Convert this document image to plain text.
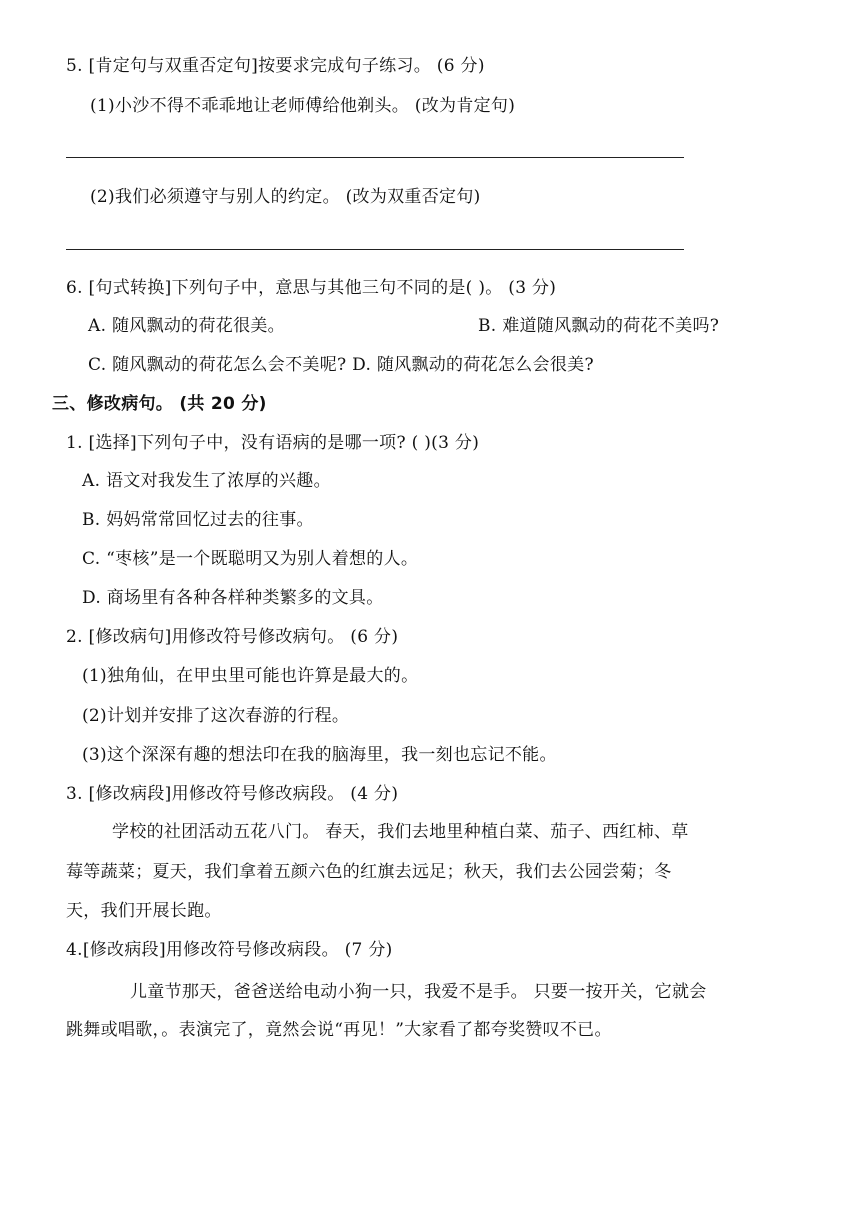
5. [肯定句与双重否定句]按要求完成句子练习。 (6 分)
(1)小沙不得不乖乖地让老师傅给他剃头。 (改为肯定句)
(2)我们必须遵守与别人的约定。 (改为双重否定句)
6. [句式转换]下列句子中，意思与其他三句不同的是( )。 (3 分)
A. 随风飘动的荷花很美。	B. 难道随风飘动的荷花不美吗?
C. 随风飘动的荷花怎么会不美呢? D. 随风飘动的荷花怎么会很美?
三、修改病句。 (共 20 分)
1. [选择]下列句子中，没有语病的是哪一项? ( )(3 分)
A. 语文对我发生了浓厚的兴趣。
B. 妈妈常常回忆过去的往事。
C. “枣核”是一个既聪明又为别人着想的人。
D. 商场里有各种各样种类繁多的文具。
2. [修改病句]用修改符号修改病句。 (6 分)
(1)独角仙，在甲虫里可能也许算是最大的。
(2)计划并安排了这次春游的行程。
(3)这个深深有趣的想法印在我的脑海里，我一刻也忘记不能。
3. [修改病段]用修改符号修改病段。 (4 分)
学校的社团活动五花八门。 春天，我们去地里种植白菜、茄子、西红柿、草
莓等蔬菜；夏天，我们拿着五颜六色的红旗去远足；秋天，我们去公园尝菊；冬
天，我们开展长跑。
4.[修改病段]用修改符号修改病段。 (7 分)
儿童节那天，爸爸送给电动小狗一只，我爱不是手。 只要一按开关，它就会
跳舞或唱歌，。表演完了，竟然会说“再见！”大家看了都夸奖赞叹不已。
